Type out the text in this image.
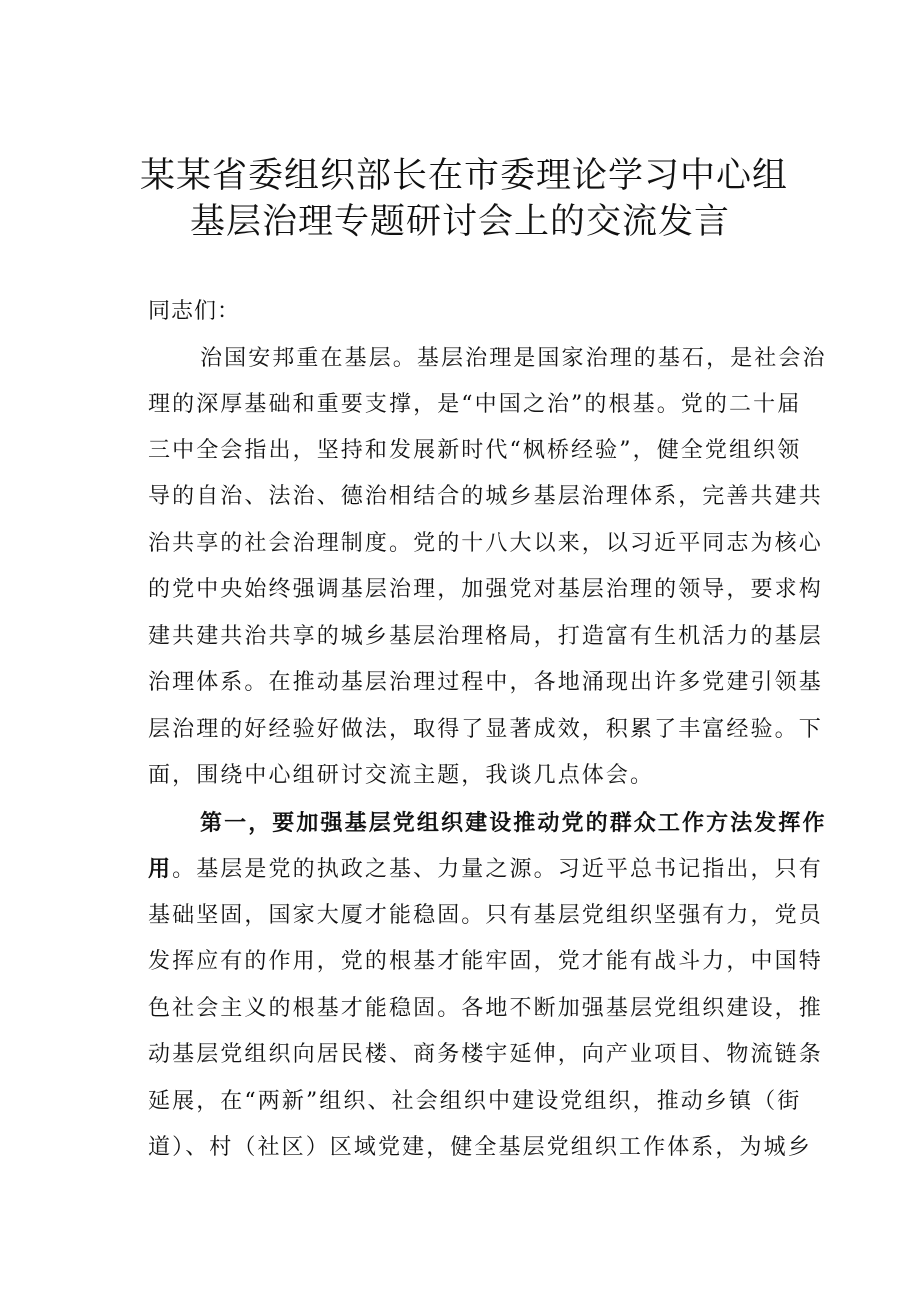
某某省委组织部长在市委理论学习中心组
基层治理专题研讨会上的交流发言

同志们：

治国安邦重在基层。基层治理是国家治理的基石，是社会治

理的深厚基础和重要支撑，是“中国之治”的根基。党的二十届

三中全会指出，坚持和发展新时代“枫桥经验”，健全党组织领

导的自治、法治、德治相结合的城乡基层治理体系，完善共建共

治共享的社会治理制度。党的十八大以来，以习近平同志为核心

的党中央始终强调基层治理，加强党对基层治理的领导，要求构

建共建共治共享的城乡基层治理格局，打造富有生机活力的基层

治理体系。在推动基层治理过程中，各地涌现出许多党建引领基

层治理的好经验好做法，取得了显著成效，积累了丰富经验。下

面，围绕中心组研讨交流主题，我谈几点体会。

第一，要加强基层党组织建设推动党的群众工作方法发挥作

用。基层是党的执政之基、力量之源。习近平总书记指出，只有

基础坚固，国家大厦才能稳固。只有基层党组织坚强有力，党员

发挥应有的作用，党的根基才能牢固，党才能有战斗力，中国特

色社会主义的根基才能稳固。各地不断加强基层党组织建设，推

动基层党组织向居民楼、商务楼宇延伸，向产业项目、物流链条

延展，在“两新”组织、社会组织中建设党组织，推动乡镇（街

道）、村（社区）区域党建，健全基层党组织工作体系，为城乡
